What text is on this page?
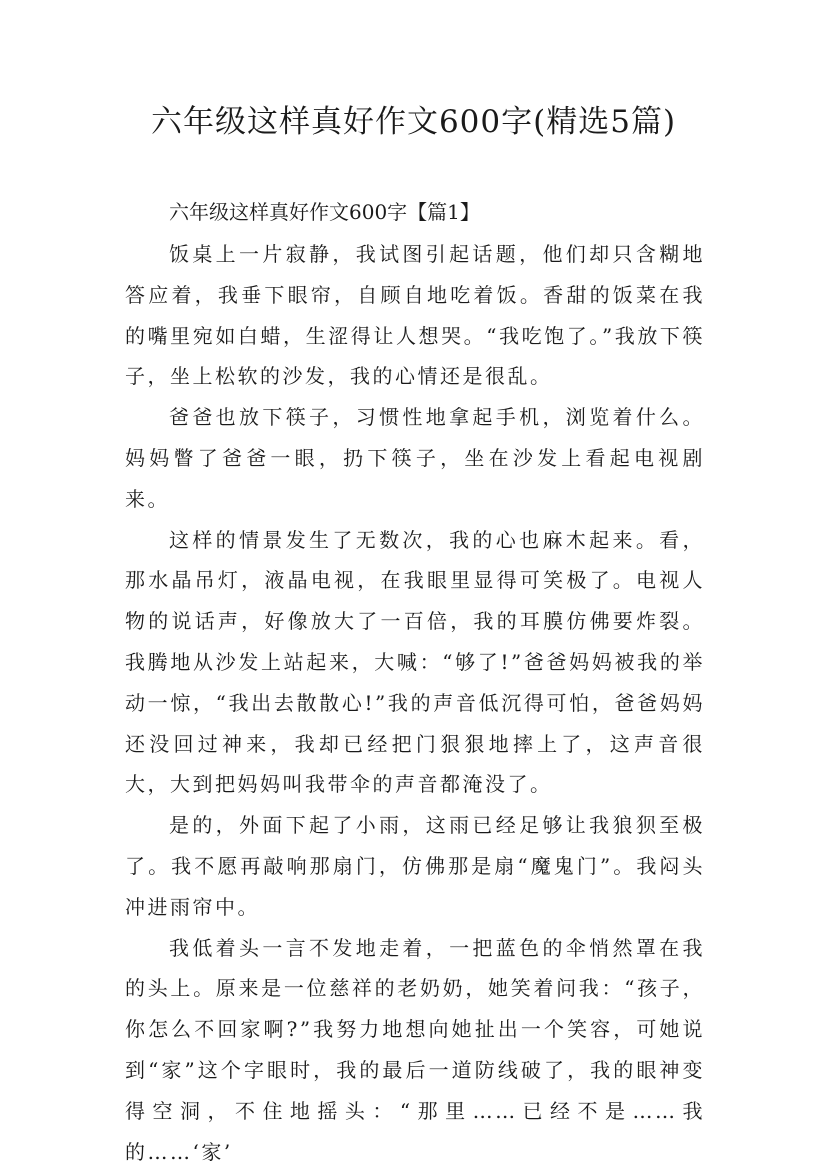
六年级这样真好作文600字(精选5篇)

六年级这样真好作文600字【篇1】

饭桌上一片寂静，我试图引起话题，他们却只含糊地答应着，我垂下眼帘，自顾自地吃着饭。香甜的饭菜在我的嘴里宛如白蜡，生涩得让人想哭。“我吃饱了。”我放下筷子，坐上松软的沙发，我的心情还是很乱。

爸爸也放下筷子，习惯性地拿起手机，浏览着什么。妈妈瞥了爸爸一眼，扔下筷子，坐在沙发上看起电视剧来。

这样的情景发生了无数次，我的心也麻木起来。看，那水晶吊灯，液晶电视，在我眼里显得可笑极了。电视人物的说话声，好像放大了一百倍，我的耳膜仿佛要炸裂。我腾地从沙发上站起来，大喊：“够了!”爸爸妈妈被我的举动一惊，“我出去散散心!”我的声音低沉得可怕，爸爸妈妈还没回过神来，我却已经把门狠狠地摔上了，这声音很大，大到把妈妈叫我带伞的声音都淹没了。

是的，外面下起了小雨，这雨已经足够让我狼狈至极了。我不愿再敲响那扇门，仿佛那是扇“魔鬼门”。我闷头冲进雨帘中。

我低着头一言不发地走着，一把蓝色的伞悄然罩在我的头上。原来是一位慈祥的老奶奶，她笑着问我：“孩子，你怎么不回家啊?”我努力地想向她扯出一个笑容，可她说到“家”这个字眼时，我的最后一道防线破了，我的眼神变得空洞，不住地摇头：“那里……已经不是……我的……‘家’
